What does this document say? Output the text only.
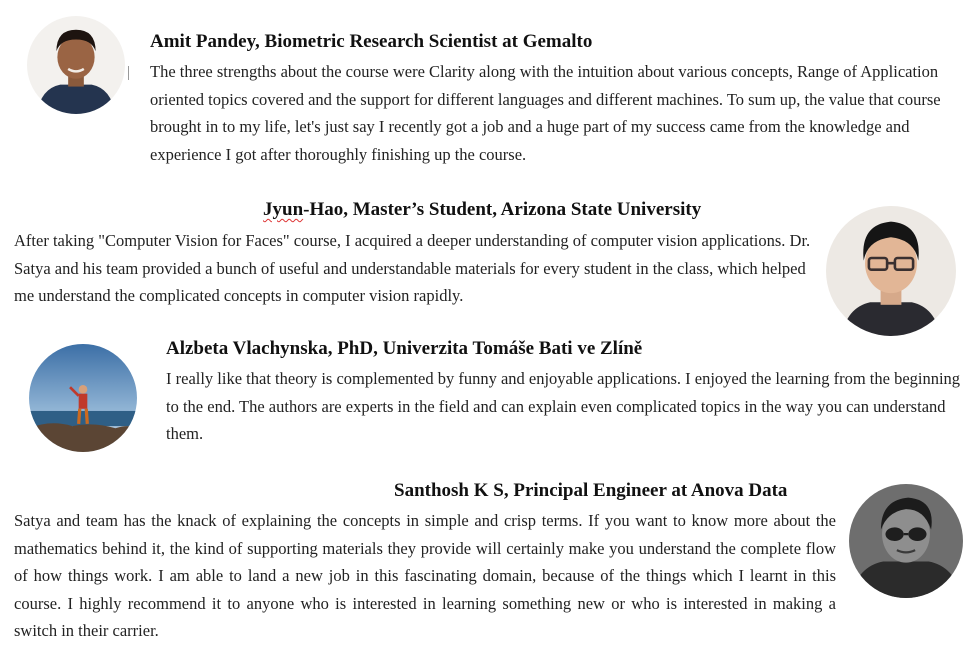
Amit Pandey, Biometric Research Scientist at Gemalto
The three strengths about the course were Clarity along with the intuition about various concepts, Range of Application oriented topics covered and the support for different languages and different machines. To sum up, the value that course brought in to my life, let's just say I recently got a job and a huge part of my success came from the knowledge and experience I got after thoroughly finishing up the course.
Jyun-Hao, Master’s Student, Arizona State University
After taking "Computer Vision for Faces" course, I acquired a deeper understanding of computer vision applications. Dr. Satya and his team provided a bunch of useful and understandable materials for every student in the class, which helped me understand the complicated concepts in computer vision rapidly.
Alzbeta Vlachynska, PhD, Univerzita Tomáše Bati ve Zlíně
I really like that theory is complemented by funny and enjoyable applications. I enjoyed the learning from the beginning to the end. The authors are experts in the field and can explain even complicated topics in the way you can understand them.
Santhosh K S, Principal Engineer at Anova Data
Satya and team has the knack of explaining the concepts in simple and crisp terms. If you want to know more about the mathematics behind it, the kind of supporting materials they provide will certainly make you understand the complete flow of how things work. I am able to land a new job in this fascinating domain, because of the things which I learnt in this course. I highly recommend it to anyone who is interested in learning something new or who is interested in making a switch in their carrier.
